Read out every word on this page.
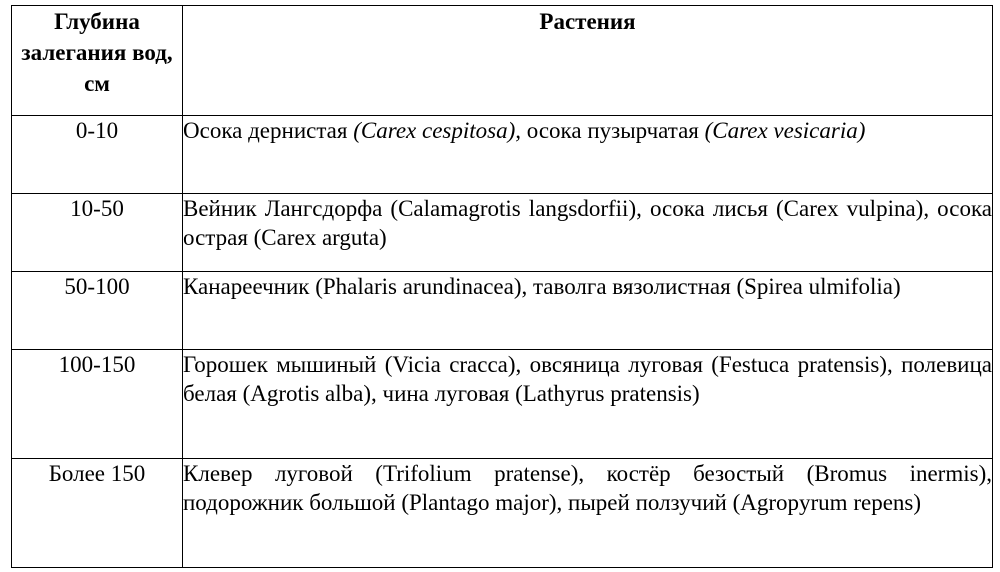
Глубина залегания вод, см	Растения
0-10	Осока дернистая (Carex cespitosa), осока пузырчатая (Carex vesicaria)
10-50	Вейник Лангсдорфа (Calamagrotis langsdorfii), осока лисья (Carex vulpina), осока острая (Carex arguta)
50-100	Канареечник (Phalaris arundinacea), таволга вязолистная (Spirea ulmifolia)
100-150	Горошек мышиный (Vicia cracca), овсяница луговая (Festuca pratensis), полевица белая (Agrotis alba), чина луговая (Lathyrus pratensis)
Более 150	Клевер луговой (Trifolium pratense), костёр безостый (Bromus inermis), подорожник большой (Plantago major), пырей ползучий (Agropyrum repens)
